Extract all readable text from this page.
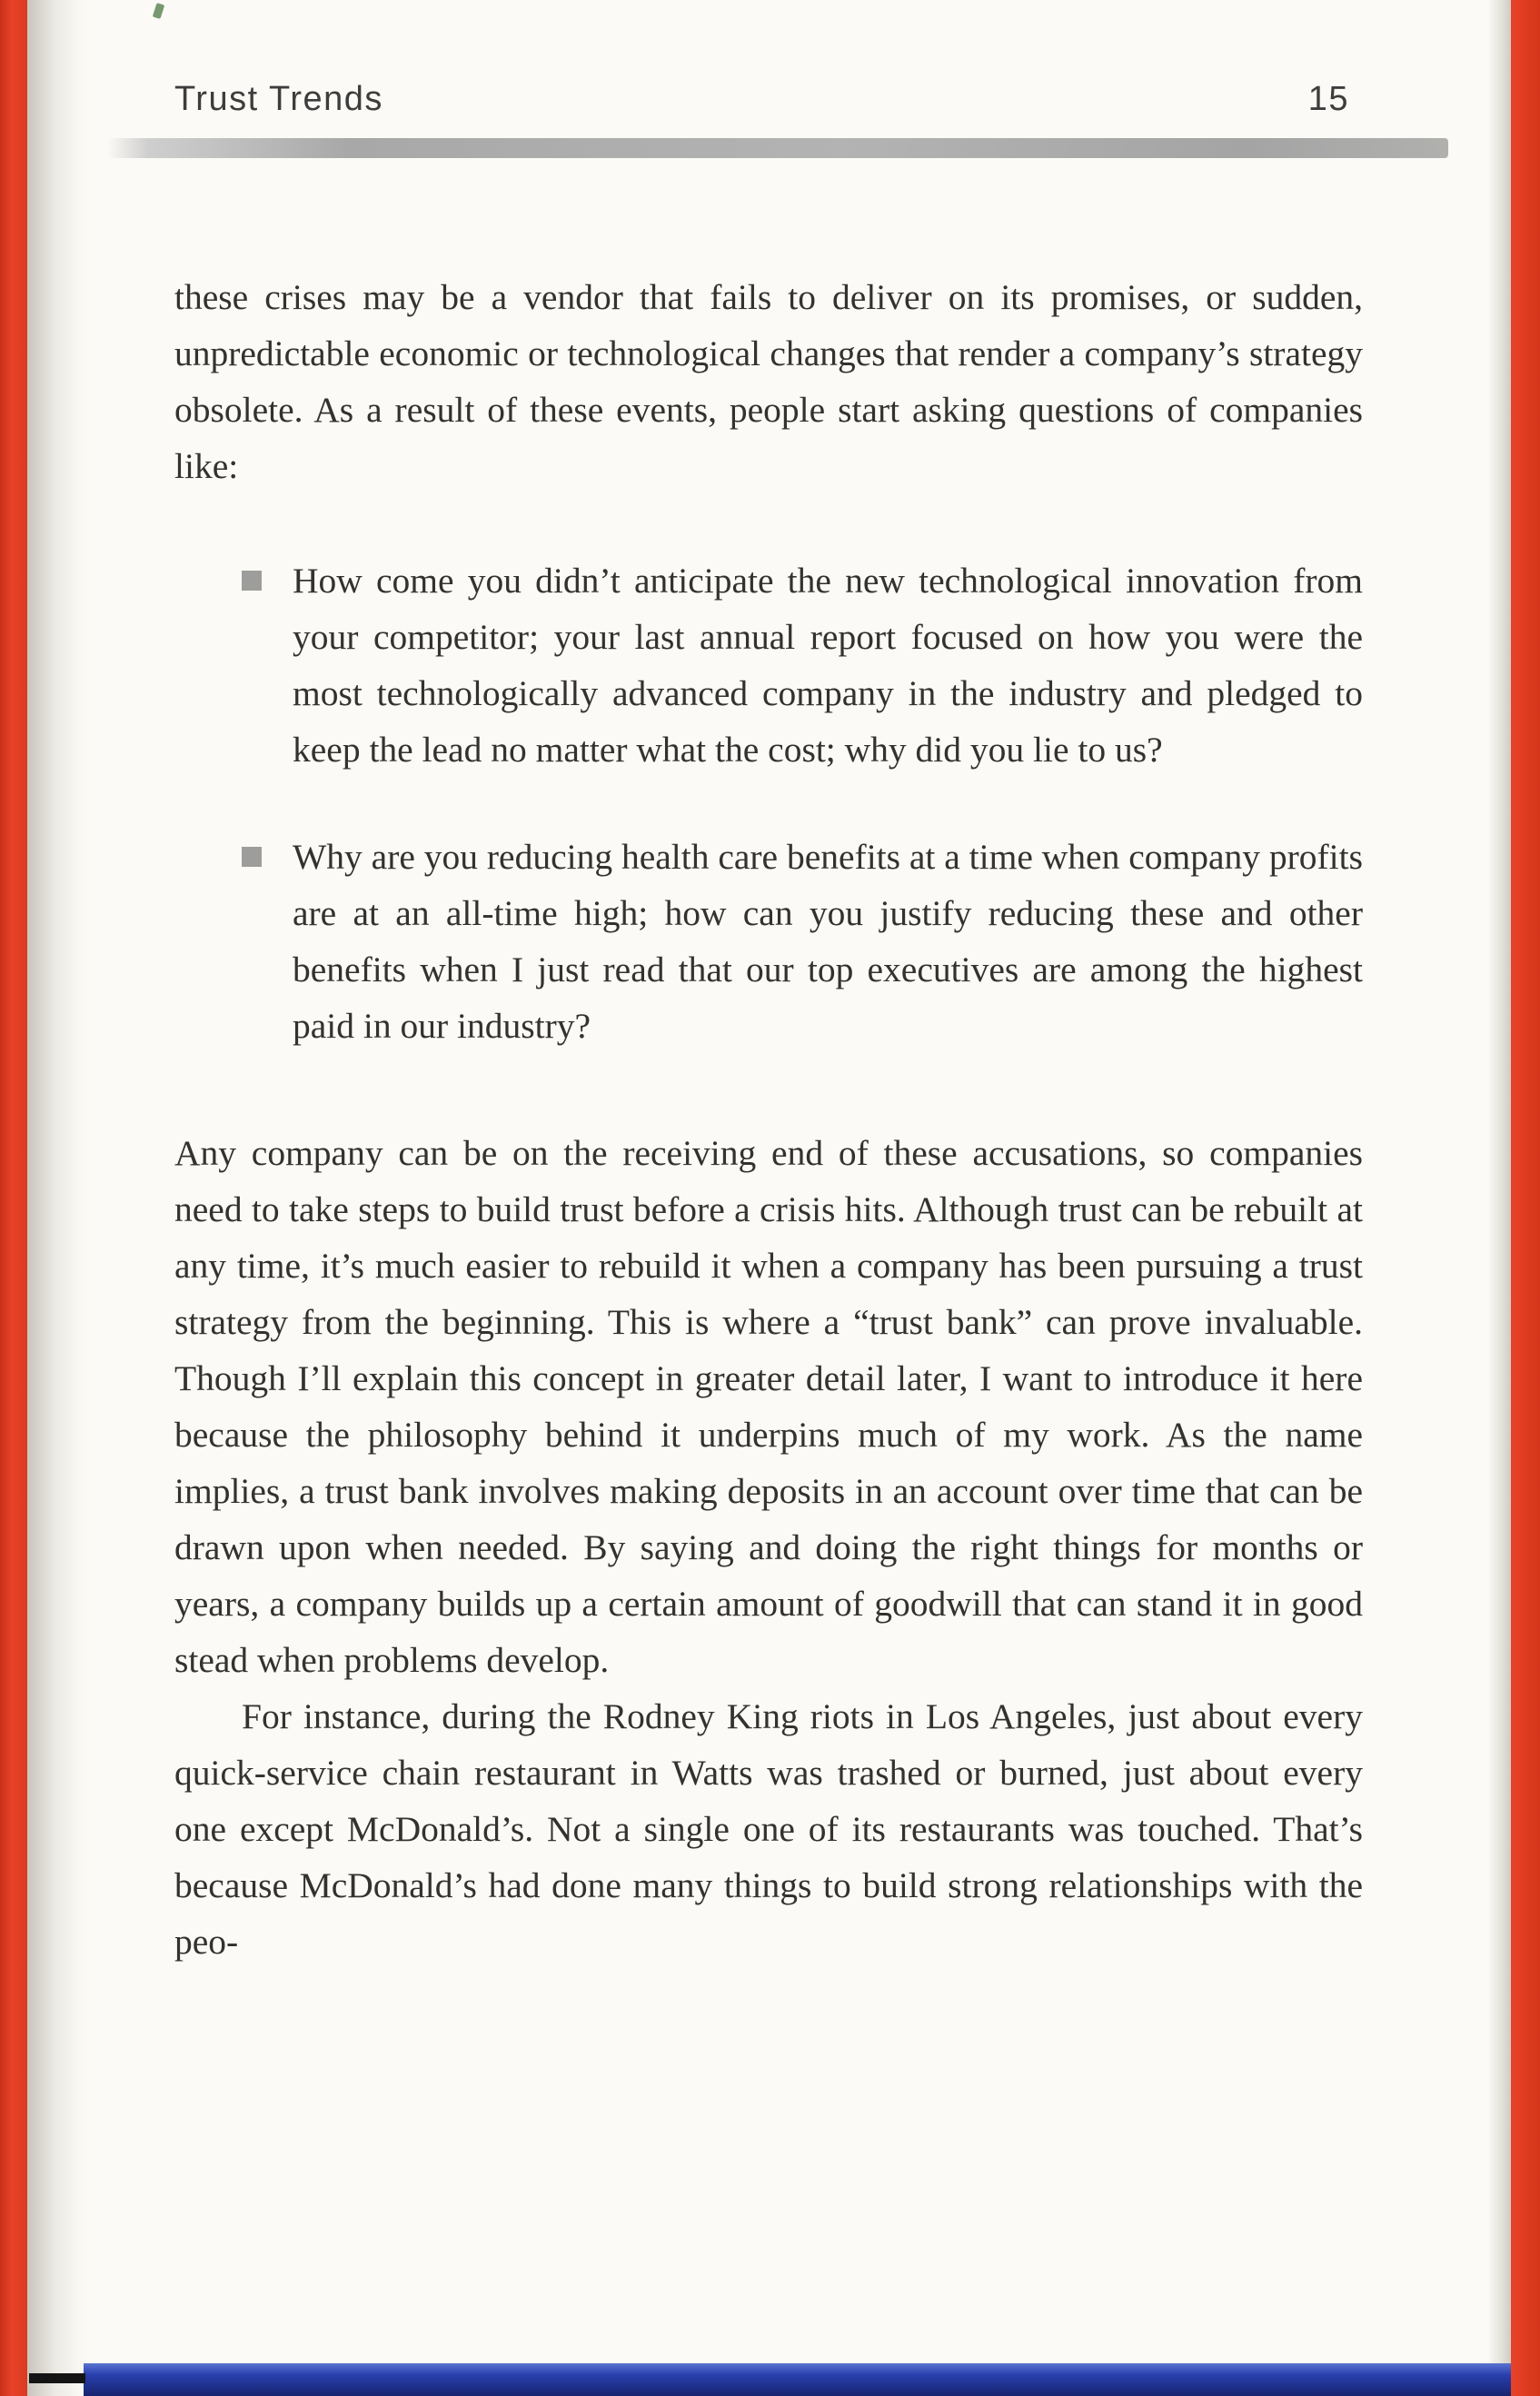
Trust Trends	15

these crises may be a vendor that fails to deliver on its promises, or sudden, unpredictable economic or technological changes that render a company’s strategy obsolete. As a result of these events, people start asking questions of companies like:

How come you didn’t anticipate the new technological innovation from your competitor; your last annual report focused on how you were the most technologically advanced company in the industry and pledged to keep the lead no matter what the cost; why did you lie to us?
Why are you reducing health care benefits at a time when company profits are at an all-time high; how can you justify reducing these and other benefits when I just read that our top executives are among the highest paid in our industry?

Any company can be on the receiving end of these accusations, so companies need to take steps to build trust before a crisis hits. Although trust can be rebuilt at any time, it’s much easier to rebuild it when a company has been pursuing a trust strategy from the beginning. This is where a “trust bank” can prove invaluable. Though I’ll explain this concept in greater detail later, I want to introduce it here because the philosophy behind it underpins much of my work. As the name implies, a trust bank involves making deposits in an account over time that can be drawn upon when needed. By saying and doing the right things for months or years, a company builds up a certain amount of goodwill that can stand it in good stead when problems develop.

For instance, during the Rodney King riots in Los Angeles, just about every quick-service chain restaurant in Watts was trashed or burned, just about every one except McDonald’s. Not a single one of its restaurants was touched. That’s because McDonald’s had done many things to build strong relationships with the peo-
